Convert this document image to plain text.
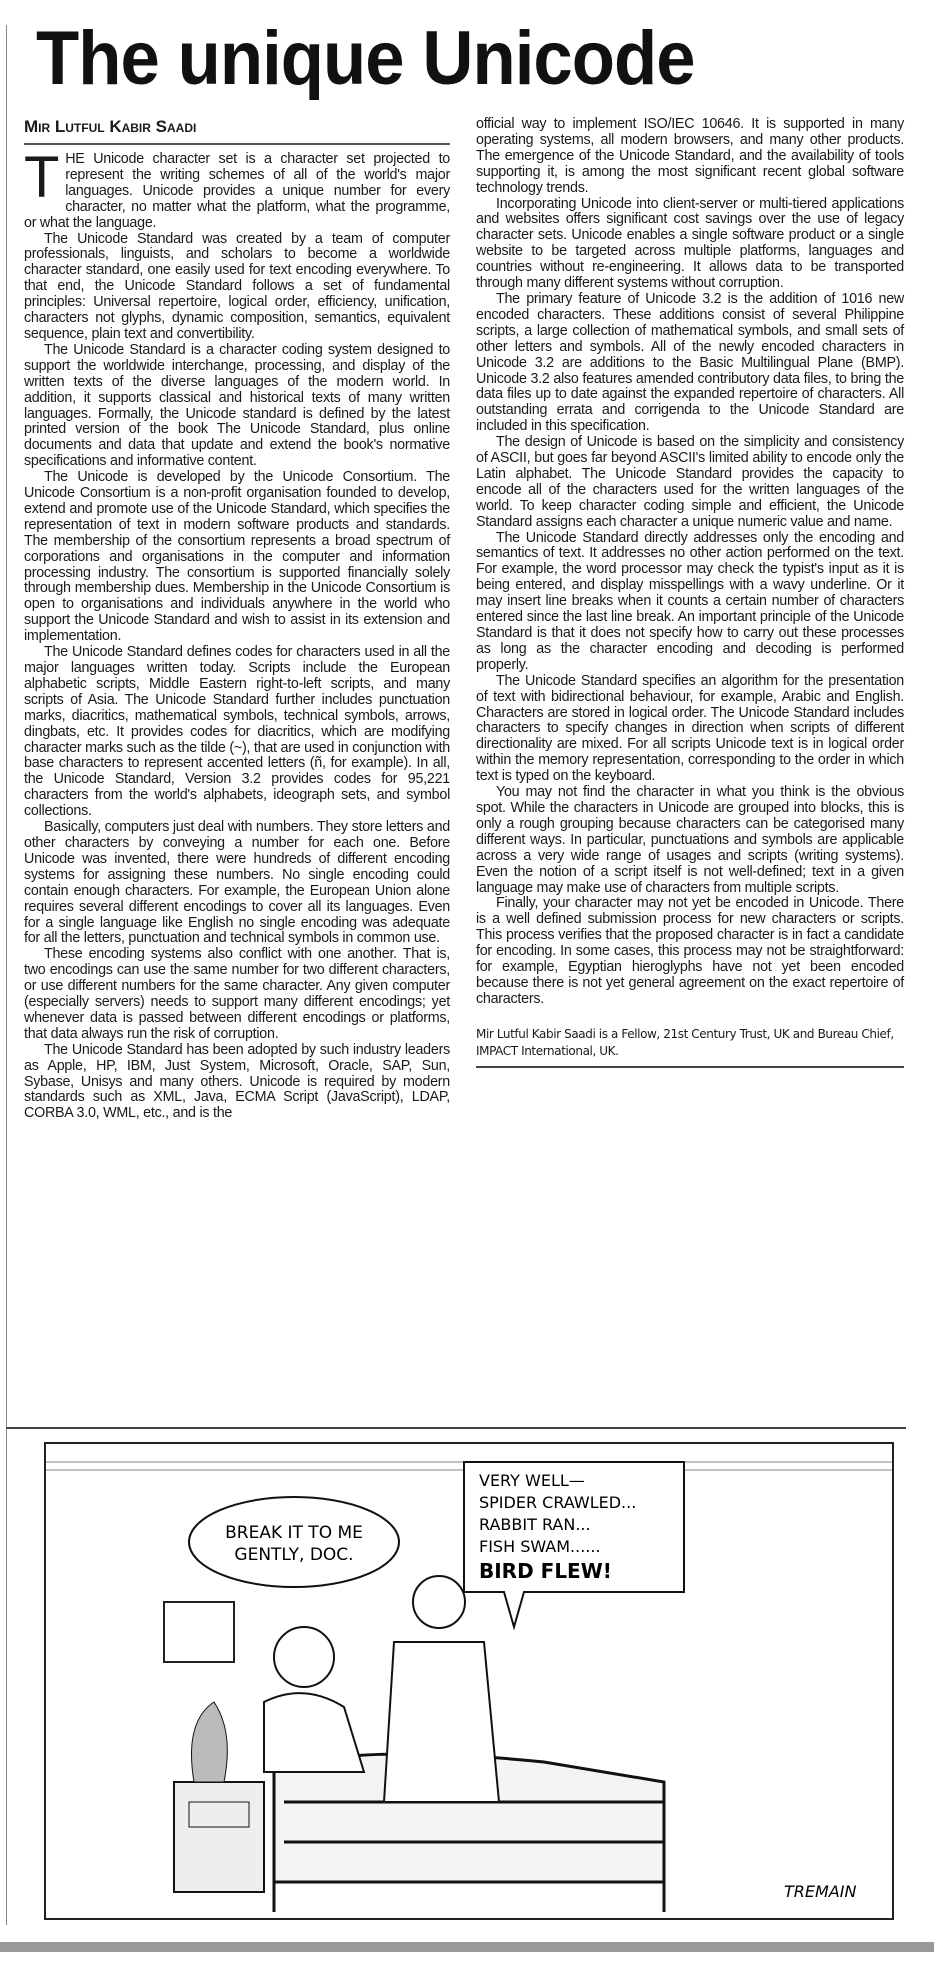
The unique Unicode
Mir Lutful Kabir Saadi

THE Unicode character set is a character set projected to represent the writing schemes of all of the world's major languages. Unicode provides a unique number for every character, no matter what the platform, what the programme, or what the language.

The Unicode Standard was created by a team of computer professionals, linguists, and scholars to become a worldwide character standard, one easily used for text encoding everywhere. To that end, the Unicode Standard follows a set of fundamental principles: Universal repertoire, logical order, efficiency, unification, characters not glyphs, dynamic composition, semantics, equivalent sequence, plain text and convertibility.

The Unicode Standard is a character coding system designed to support the worldwide interchange, processing, and display of the written texts of the diverse languages of the modern world. In addition, it supports classical and historical texts of many written languages. Formally, the Unicode standard is defined by the latest printed version of the book The Unicode Standard, plus online documents and data that update and extend the book's normative specifications and informative content.

The Unicode is developed by the Unicode Consortium. The Unicode Consortium is a non-profit organisation founded to develop, extend and promote use of the Unicode Standard, which specifies the representation of text in modern software products and standards. The membership of the consortium represents a broad spectrum of corporations and organisations in the computer and information processing industry. The consortium is supported financially solely through membership dues. Membership in the Unicode Consortium is open to organisations and individuals anywhere in the world who support the Unicode Standard and wish to assist in its extension and implementation.

The Unicode Standard defines codes for characters used in all the major languages written today. Scripts include the European alphabetic scripts, Middle Eastern right-to-left scripts, and many scripts of Asia. The Unicode Standard further includes punctuation marks, diacritics, mathematical symbols, technical symbols, arrows, dingbats, etc. It provides codes for diacritics, which are modifying character marks such as the tilde (~), that are used in conjunction with base characters to represent accented letters (ñ, for example). In all, the Unicode Standard, Version 3.2 provides codes for 95,221 characters from the world's alphabets, ideograph sets, and symbol collections.

Basically, computers just deal with numbers. They store letters and other characters by conveying a number for each one. Before Unicode was invented, there were hundreds of different encoding systems for assigning these numbers. No single encoding could contain enough characters. For example, the European Union alone requires several different encodings to cover all its languages. Even for a single language like English no single encoding was adequate for all the letters, punctuation and technical symbols in common use.

These encoding systems also conflict with one another. That is, two encodings can use the same number for two different characters, or use different numbers for the same character. Any given computer (especially servers) needs to support many different encodings; yet whenever data is passed between different encodings or platforms, that data always run the risk of corruption.

The Unicode Standard has been adopted by such industry leaders as Apple, HP, IBM, Just System, Microsoft, Oracle, SAP, Sun, Sybase, Unisys and many others. Unicode is required by modern standards such as XML, Java, ECMA Script (JavaScript), LDAP, CORBA 3.0, WML, etc., and is the

official way to implement ISO/IEC 10646. It is supported in many operating systems, all modern browsers, and many other products. The emergence of the Unicode Standard, and the availability of tools supporting it, is among the most significant recent global software technology trends.

Incorporating Unicode into client-server or multi-tiered applications and websites offers significant cost savings over the use of legacy character sets. Unicode enables a single software product or a single website to be targeted across multiple platforms, languages and countries without re-engineering. It allows data to be transported through many different systems without corruption.

The primary feature of Unicode 3.2 is the addition of 1016 new encoded characters. These additions consist of several Philippine scripts, a large collection of mathematical symbols, and small sets of other letters and symbols. All of the newly encoded characters in Unicode 3.2 are additions to the Basic Multilingual Plane (BMP). Unicode 3.2 also features amended contributory data files, to bring the data files up to date against the expanded repertoire of characters. All outstanding errata and corrigenda to the Unicode Standard are included in this specification.

The design of Unicode is based on the simplicity and consistency of ASCII, but goes far beyond ASCII's limited ability to encode only the Latin alphabet. The Unicode Standard provides the capacity to encode all of the characters used for the written languages of the world. To keep character coding simple and efficient, the Unicode Standard assigns each character a unique numeric value and name.

The Unicode Standard directly addresses only the encoding and semantics of text. It addresses no other action performed on the text. For example, the word processor may check the typist's input as it is being entered, and display misspellings with a wavy underline. Or it may insert line breaks when it counts a certain number of characters entered since the last line break. An important principle of the Unicode Standard is that it does not specify how to carry out these processes as long as the character encoding and decoding is performed properly.

The Unicode Standard specifies an algorithm for the presentation of text with bidirectional behaviour, for example, Arabic and English. Characters are stored in logical order. The Unicode Standard includes characters to specify changes in direction when scripts of different directionality are mixed. For all scripts Unicode text is in logical order within the memory representation, corresponding to the order in which text is typed on the keyboard.

You may not find the character in what you think is the obvious spot. While the characters in Unicode are grouped into blocks, this is only a rough grouping because characters can be categorised many different ways. In particular, punctuations and symbols are applicable across a very wide range of usages and scripts (writing systems). Even the notion of a script itself is not well-defined; text in a given language may make use of characters from multiple scripts.

Finally, your character may not yet be encoded in Unicode. There is a well defined submission process for new characters or scripts. This process verifies that the proposed character is in fact a candidate for encoding. In some cases, this process may not be straightforward: for example, Egyptian hieroglyphs have not yet been encoded because there is not yet general agreement on the exact repertoire of characters.

Mir Lutful Kabir Saadi is a Fellow, 21st Century Trust, UK and Bureau Chief, IMPACT International, UK.
BREAK IT TO ME
GENTLY, DOC.
VERY WELL—
SPIDER CRAWLED...
RABBIT RAN...
FISH SWAM......
BIRD FLEW!
TREMAIN
